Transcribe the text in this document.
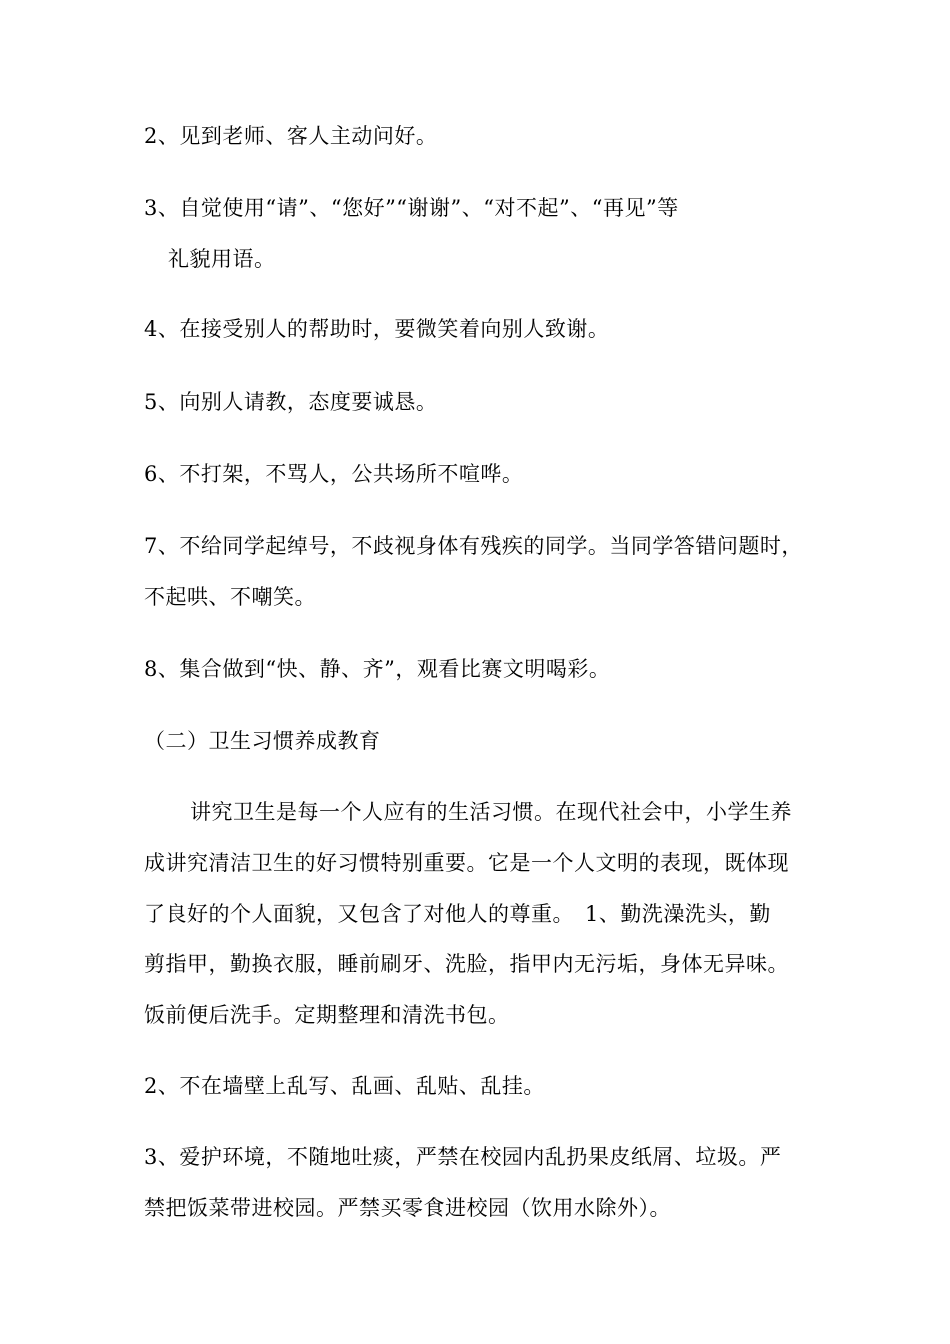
2、见到老师、客人主动问好。
3、自觉使用“请”、“您好”“谢谢”、“对不起”、“再见”等
礼貌用语。
4、在接受别人的帮助时，要微笑着向别人致谢。
5、向别人请教，态度要诚恳。
6、不打架，不骂人，公共场所不喧哗。
7、不给同学起绰号，不歧视身体有残疾的同学。当同学答错问题时，
不起哄、不嘲笑。
8、集合做到“快、静、齐”，观看比赛文明喝彩。
（二）卫生习惯养成教育
讲究卫生是每一个人应有的生活习惯。在现代社会中，小学生养
成讲究清洁卫生的好习惯特别重要。它是一个人文明的表现，既体现
了良好的个人面貌，又包含了对他人的尊重。　1、勤洗澡洗头，勤
剪指甲，勤换衣服，睡前刷牙、洗脸，指甲内无污垢，身体无异味。
饭前便后洗手。定期整理和清洗书包。
2、不在墙壁上乱写、乱画、乱贴、乱挂。
3、爱护环境，不随地吐痰，严禁在校园内乱扔果皮纸屑、垃圾。严
禁把饭菜带进校园。严禁买零食进校园（饮用水除外）。
